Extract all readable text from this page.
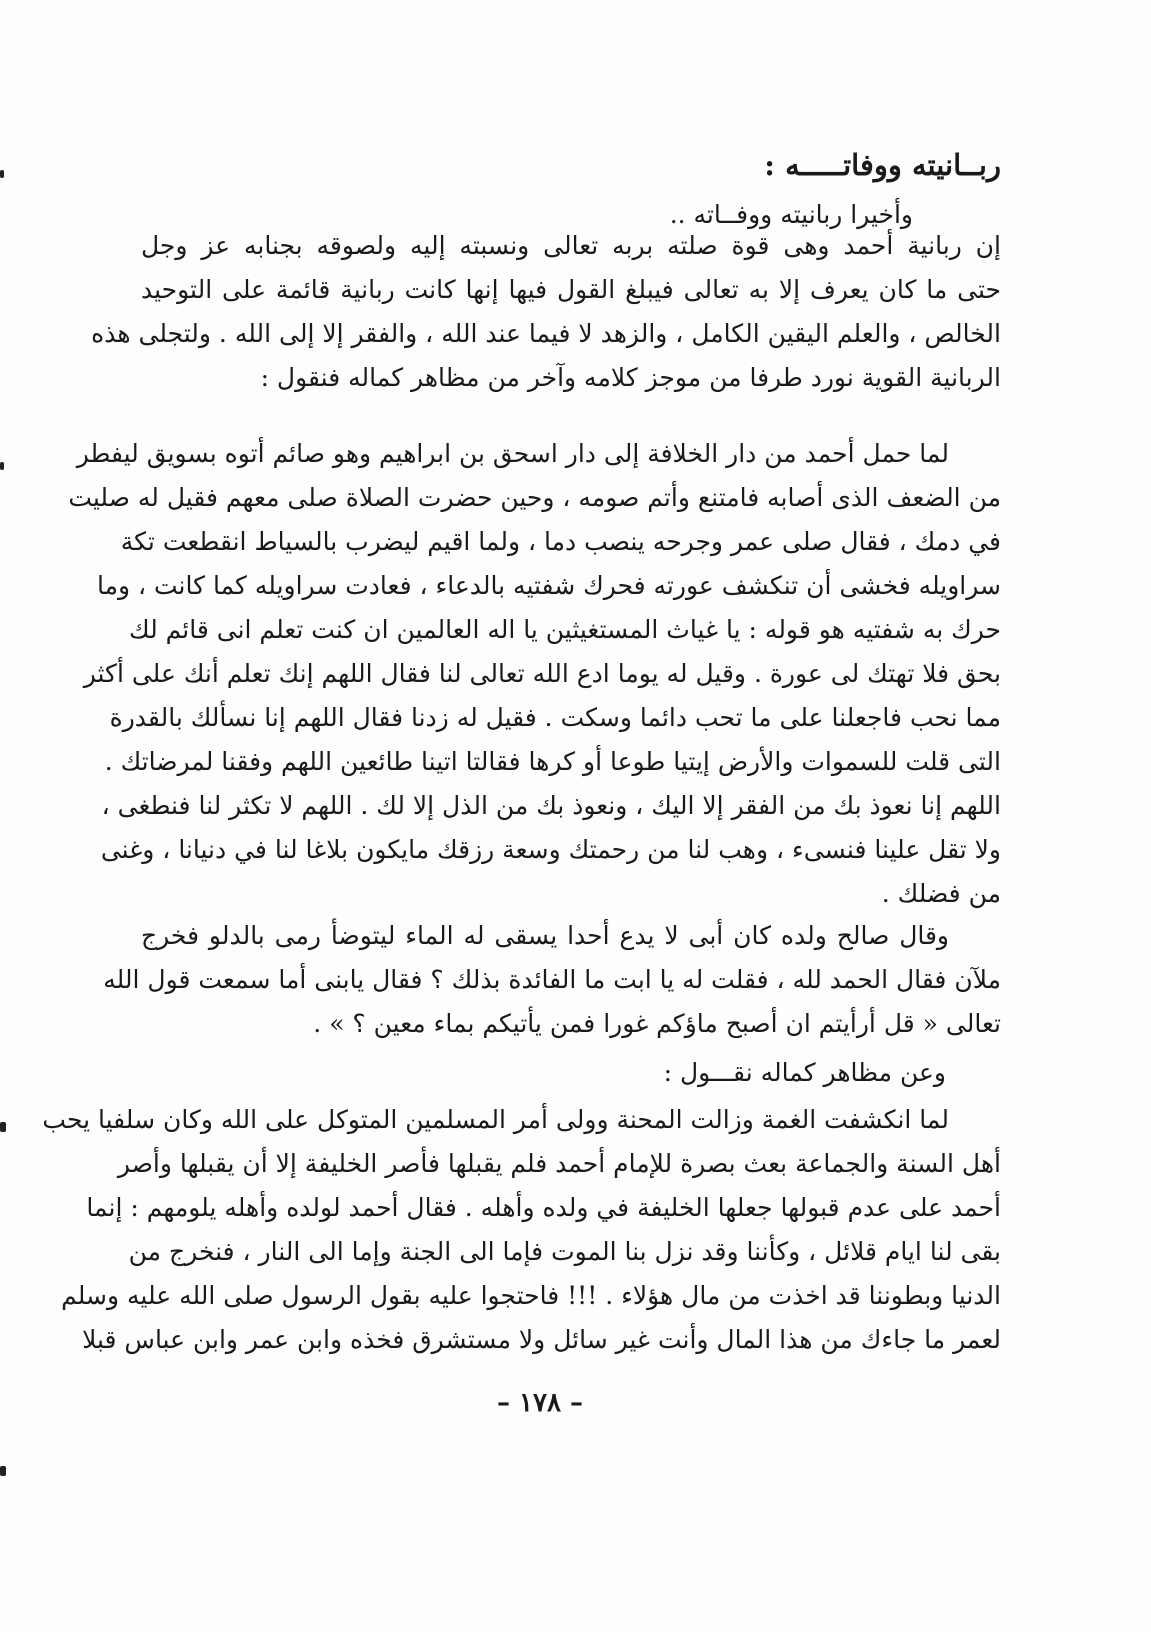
ربــانيته ووفاتـــــه :
وأخيرا ربانيته ووفــاته ..
إن ربانية أحمد وهى قوة صلته بربه تعالى ونسبته إليه ولصوقه بجنابه عز وجل
حتى ما كان يعرف إلا به تعالى فيبلغ القول فيها إنها كانت ربانية قائمة على التوحيد
الخالص ، والعلم اليقين الكامل ، والزهد لا فيما عند الله ، والفقر إلا إلى الله . ولتجلى هذه
الربانية القوية نورد طرفا من موجز كلامه وآخر من مظاهر كماله فنقول :
لما حمل أحمد من دار الخلافة إلى دار اسحق بن ابراهيم وهو صائم أتوه بسويق ليفطر
من الضعف الذى أصابه فامتنع وأتم صومه ، وحين حضرت الصلاة صلى معهم فقيل له صليت
في دمك ، فقال صلى عمر وجرحه ينصب دما ، ولما اقيم ليضرب بالسياط انقطعت تكة
سراويله فخشى أن تنكشف عورته فحرك شفتيه بالدعاء ، فعادت سراويله كما كانت ، وما
حرك به شفتيه هو قوله : يا غياث المستغيثين يا اله العالمين ان كنت تعلم انى قائم لك
بحق فلا تهتك لى عورة . وقيل له يوما ادع الله تعالى لنا فقال اللهم إنك تعلم أنك على أكثر
مما نحب فاجعلنا على ما تحب دائما وسكت . فقيل له زدنا فقال اللهم إنا نسألك بالقدرة
التى قلت للسموات والأرض إيتيا طوعا أو كرها فقالتا اتينا طائعين اللهم وفقنا لمرضاتك .
اللهم إنا نعوذ بك من الفقر إلا اليك ، ونعوذ بك من الذل إلا لك . اللهم لا تكثر لنا فنطغى ،
ولا تقل علينا فنسىء ، وهب لنا من رحمتك وسعة رزقك مايكون بلاغا لنا في دنيانا ، وغنى
من فضلك .
وقال صالح ولده كان أبى لا يدع أحدا يسقى له الماء ليتوضأ رمى بالدلو فخرج
ملآن فقال الحمد لله ، فقلت له يا ابت ما الفائدة بذلك ؟ فقال يابنى أما سمعت قول الله
تعالى « قل أرأيتم ان أصبح ماؤكم غورا فمن يأتيكم بماء معين ؟ » .
وعن مظاهر كماله نقـــول :
لما انكشفت الغمة وزالت المحنة وولى أمر المسلمين المتوكل على الله وكان سلفيا يحب
أهل السنة والجماعة بعث بصرة للإمام أحمد فلم يقبلها فأصر الخليفة إلا أن يقبلها وأصر
أحمد على عدم قبولها جعلها الخليفة في ولده وأهله . فقال أحمد لولده وأهله يلومهم : إنما
بقى لنا ايام قلائل ، وكأننا وقد نزل بنا الموت فإما الى الجنة وإما الى النار ، فنخرج من
الدنيا وبطوننا قد اخذت من مال هؤلاء . !!! فاحتجوا عليه بقول الرسول صلى الله عليه وسلم
لعمر ما جاءك من هذا المال وأنت غير سائل ولا مستشرق فخذه وابن عمر وابن عباس قبلا
– ١٧٨ –
